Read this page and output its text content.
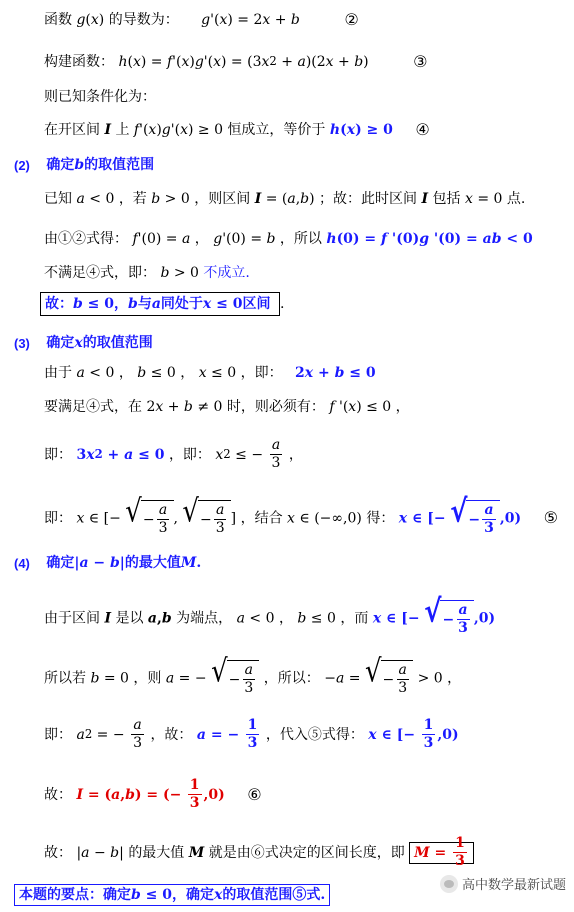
函数 g(x) 的导数为： g'(x) = 2x + b	②
构建函数： h(x) = f'(x)g'(x) = (3x2 + a)(2x + b)	③
则已知条件化为：
在开区间 I 上 f'(x)g'(x) ≥ 0 恒成立，等价于 h(x) ≥ 0 ④
(2) 确定b的取值范围
已知 a < 0 ，若 b > 0 ，则区间 I = (a,b) ；故：此时区间 I 包括 x = 0 点.
由①②式得： f'(0) = a ， g'(0) = b ，所以 h(0) = f '(0)g '(0) = ab < 0
不满足④式，即： b > 0 不成立.
故：b ≤ 0，b与a同处于x ≤ 0区间 .
(3) 确定x的取值范围
由于 a < 0 ， b ≤ 0 ， x ≤ 0 ，即： 2x + b ≤ 0
要满足④式，在 2x + b ≠ 0 时，则必须有： f '(x) ≤ 0 ，
即： 3x2 + a ≤ 0 ，即： x2 ≤ − $\frac{a}{3}$ ，
即： x ∈ [− √ − $\frac{a}{3}$ , √ − $\frac{a}{3}$ ] ，结合 x ∈ (−∞,0) 得： x ∈ [− √ − $\frac{a}{3} ,0$) ⑤
(4) 确定|a − b|的最大值M.
由于区间 I 是以 a,b 为端点， a < 0 ， b ≤ 0 ，而 x ∈ [− √ − $\frac{a}{3} ,0$)
所以若 b = 0 ，则 a = − √ − $\frac{a}{3}$ ，所以： −a = √ − $\frac{a}{3} > 0$ ，
即： a2 = − $\frac{a}{3}$ ，故： a = − $\frac{1}{3}$ ，代入⑤式得： x ∈ [− $\frac{1}{3} ,0$)
故： I = (a,b) = (− $\frac{1}{3} ,0$) ⑥
故： |a − b| 的最大值 M 就是由⑥式决定的区间长度，即 $M = \frac{1}{3}$
本题的要点：确定b ≤ 0，确定x的取值范围⑤式.
高中数学最新试题
